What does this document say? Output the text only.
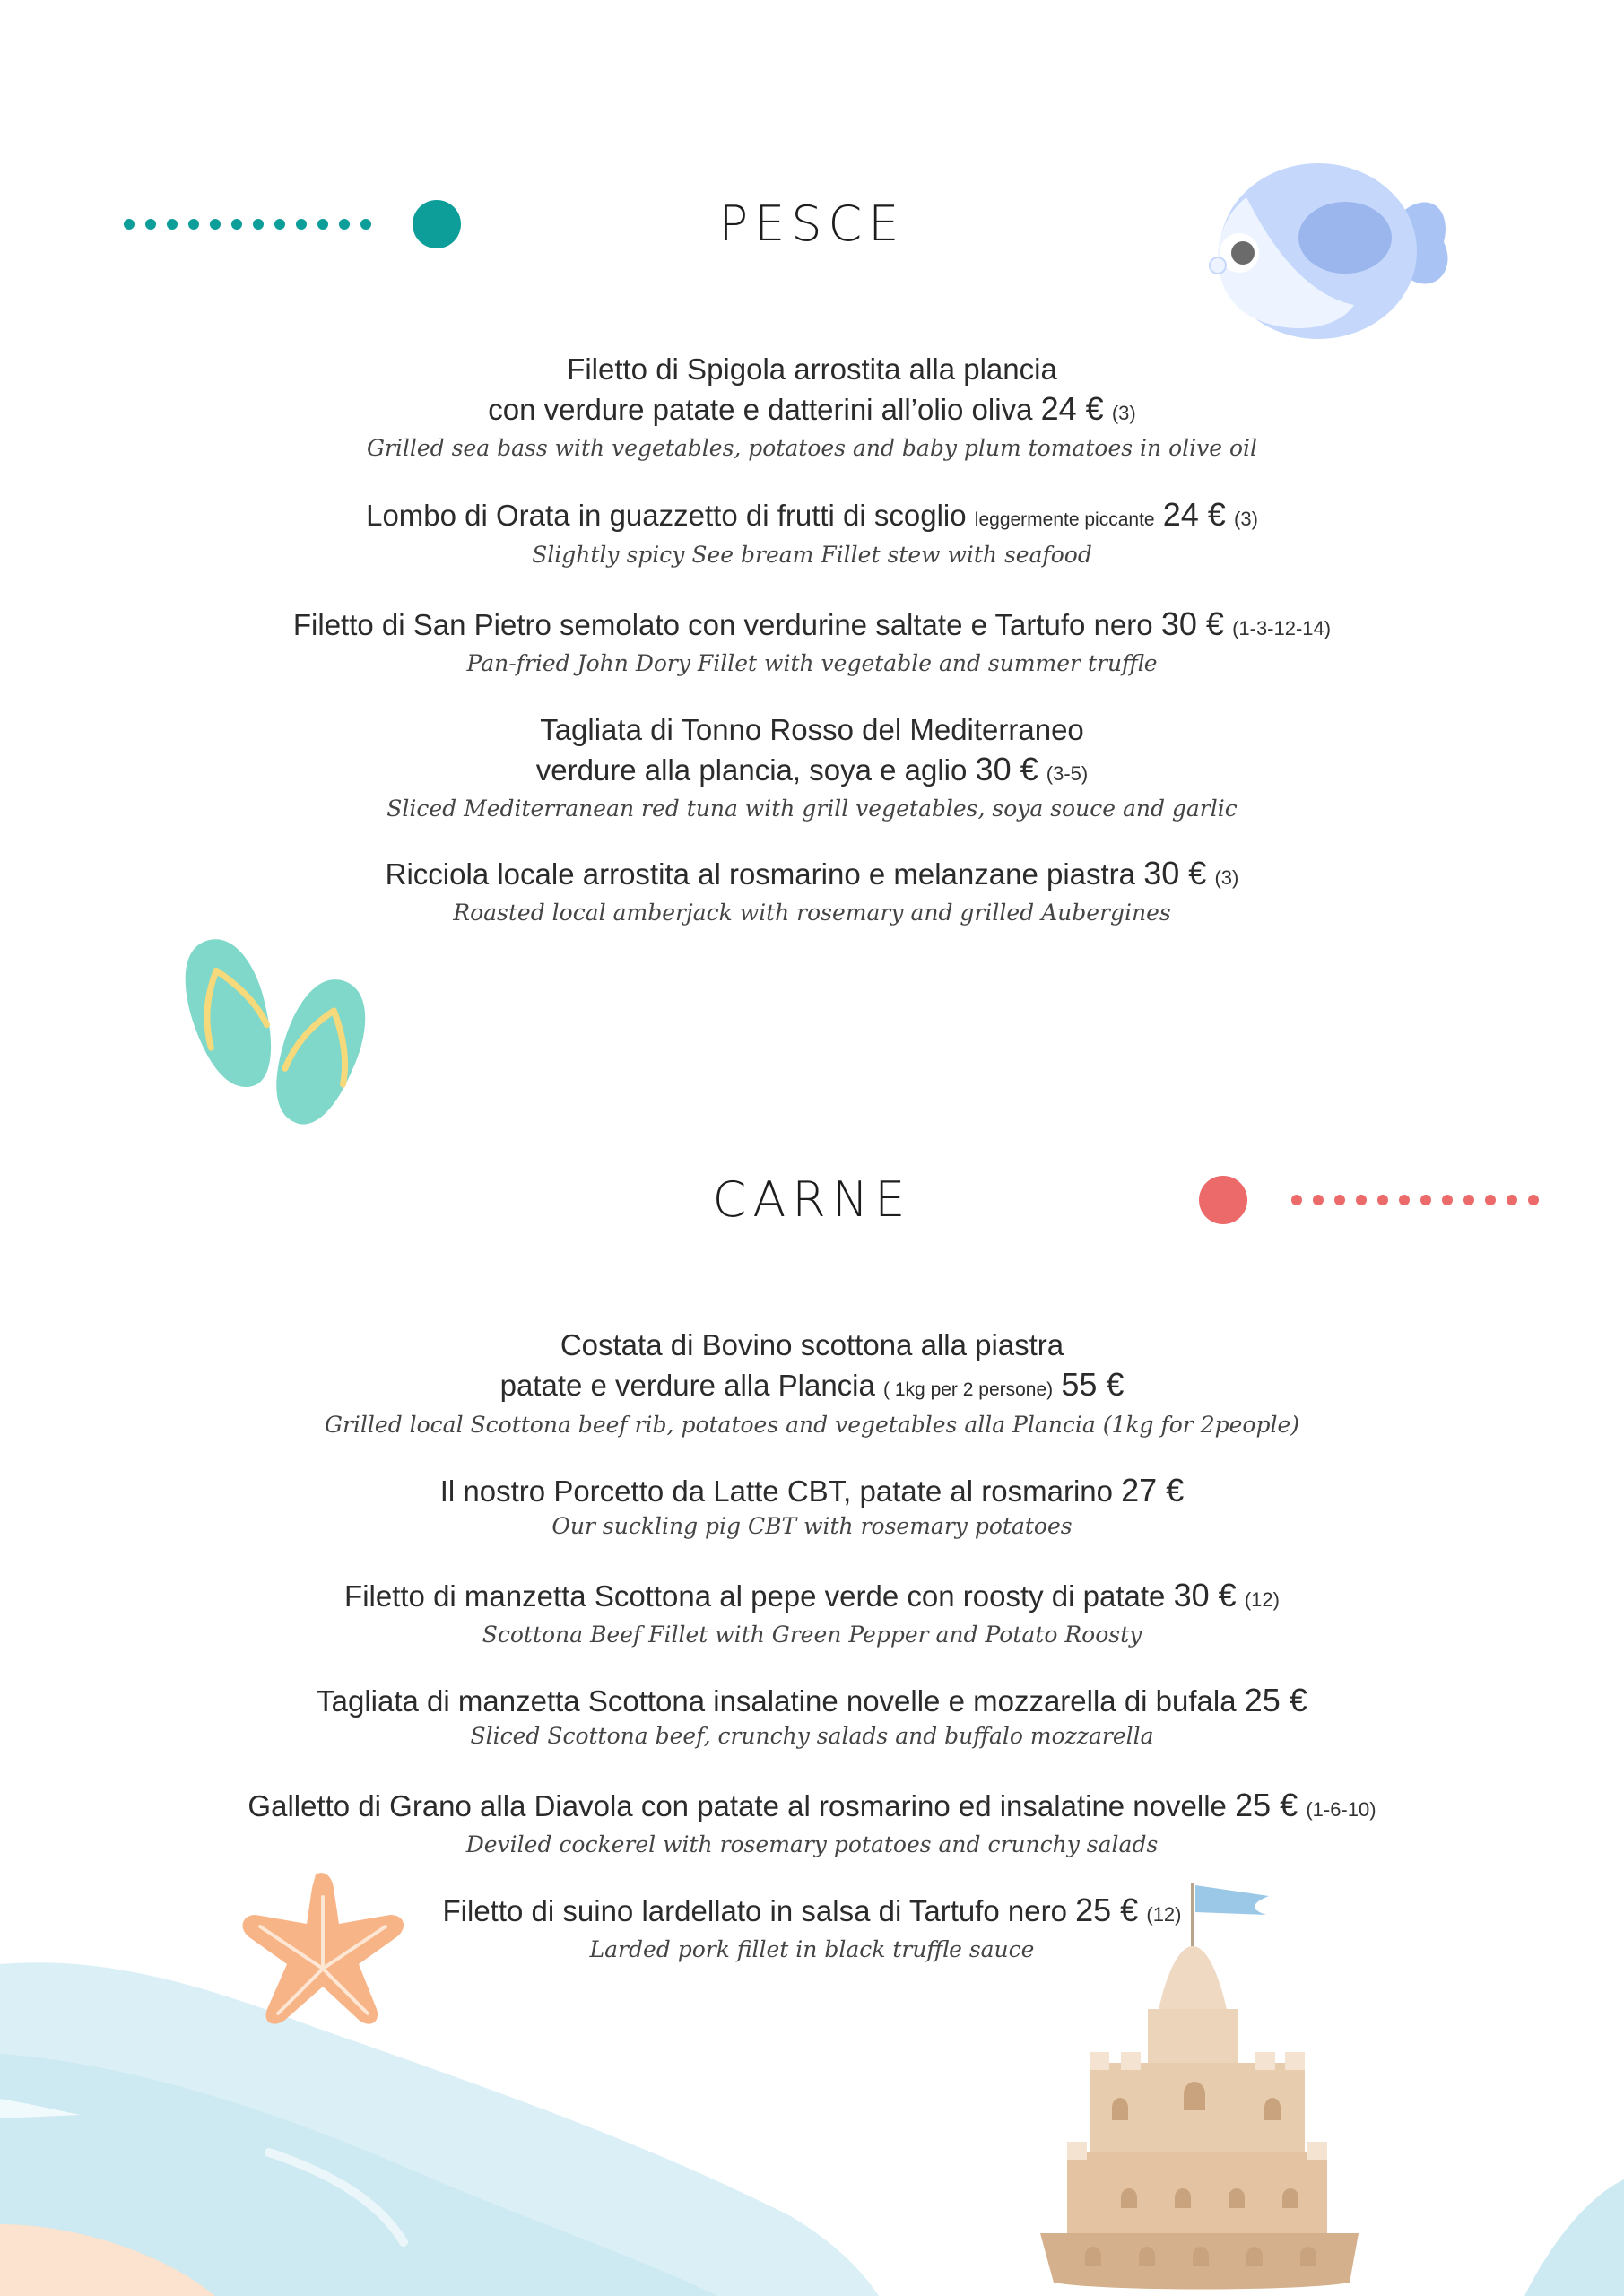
PESCE
Filetto di Spigola arrostita alla plancia
con verdure patate e datterini all’olio oliva 24 € (3)
Grilled sea bass with vegetables, potatoes and baby plum tomatoes in olive oil
Lombo di Orata in guazzetto di frutti di scoglio leggermente piccante 24 € (3)
Slightly spicy See bream Fillet stew with seafood
Filetto di San Pietro semolato con verdurine saltate e Tartufo nero 30 € (1-3-12-14)
Pan-fried John Dory Fillet with vegetable and summer truffle
Tagliata di Tonno Rosso del Mediterraneo
verdure alla plancia, soya e aglio 30 € (3-5)
Sliced Mediterranean red tuna with grill vegetables, soya souce and garlic
Ricciola locale arrostita al rosmarino e melanzane piastra 30 € (3)
Roasted local amberjack with rosemary and grilled Aubergines
CARNE
Costata di Bovino scottona alla piastra
patate e verdure alla Plancia ( 1kg per 2 persone) 55 €
Grilled local Scottona beef rib, potatoes and vegetables alla Plancia (1kg for 2people)
Il nostro Porcetto da Latte CBT, patate al rosmarino 27 €
Our suckling pig CBT with rosemary potatoes
Filetto di manzetta Scottona al pepe verde con roosty di patate 30 € (12)
Scottona Beef Fillet with Green Pepper and Potato Roosty
Tagliata di manzetta Scottona insalatine novelle e mozzarella di bufala 25 €
Sliced Scottona beef, crunchy salads and buffalo mozzarella
Galletto di Grano alla Diavola con patate al rosmarino ed insalatine novelle 25 € (1-6-10)
Deviled cockerel with rosemary potatoes and crunchy salads
Filetto di suino lardellato in salsa di Tartufo nero 25 € (12)
Larded pork fillet in black truffle sauce
